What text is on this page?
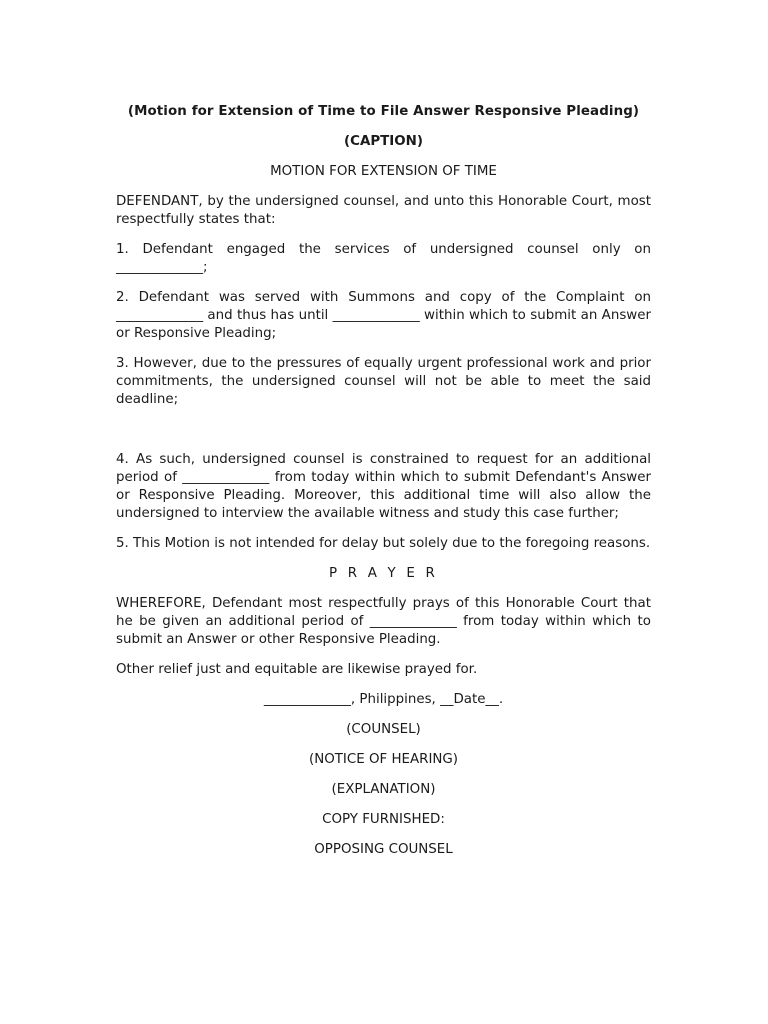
(Motion for Extension of Time to File Answer Responsive Pleading)

(CAPTION)

MOTION FOR EXTENSION OF TIME

DEFENDANT, by the undersigned counsel, and unto this Honorable Court, most respectfully states that:

1. Defendant engaged the services of undersigned counsel only on _____________;

2. Defendant was served with Summons and copy of the Complaint on _____________ and thus has until _____________ within which to submit an Answer or Responsive Pleading;

3. However, due to the pressures of equally urgent professional work and prior commitments, the undersigned counsel will not be able to meet the said deadline;

4. As such, undersigned counsel is constrained to request for an additional period of _____________ from today within which to submit Defendant's Answer or Responsive Pleading. Moreover, this additional time will also allow the undersigned to interview the available witness and study this case further;

5. This Motion is not intended for delay but solely due to the foregoing reasons.

P R A Y E R

WHEREFORE, Defendant most respectfully prays of this Honorable Court that he be given an additional period of _____________ from today within which to submit an Answer or other Responsive Pleading.

Other relief just and equitable are likewise prayed for.

_____________, Philippines, __Date__.

(COUNSEL)

(NOTICE OF HEARING)

(EXPLANATION)

COPY FURNISHED:

OPPOSING COUNSEL
